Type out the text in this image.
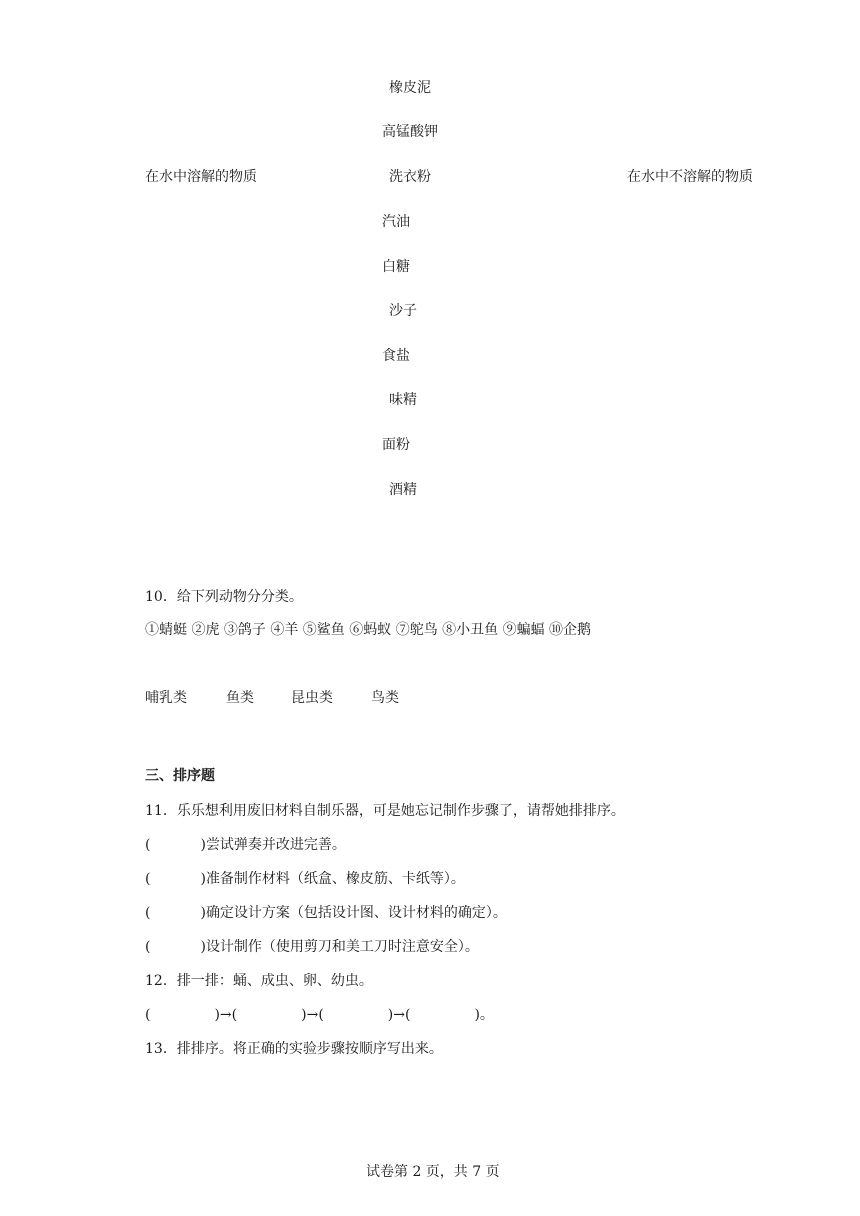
橡皮泥
高锰酸钾
在水中溶解的物质	洗衣粉	在水中不溶解的物质
汽油
白糖
沙子
食盐
味精
面粉
酒精
10．给下列动物分分类。
①蜻蜓 ②虎 ③鸽子 ④羊 ⑤鲨鱼 ⑥蚂蚁 ⑦鸵鸟 ⑧小丑鱼 ⑨蝙蝠 ⑩企鹅
哺乳类	鱼类	昆虫类	鸟类
三、排序题
11．乐乐想利用废旧材料自制乐器，可是她忘记制作步骤了，请帮她排排序。
(	)尝试弹奏并改进完善。
(	)准备制作材料（纸盒、橡皮筋、卡纸等）。
(	)确定设计方案（包括设计图、设计材料的确定）。
(	)设计制作（使用剪刀和美工刀时注意安全）。
12．排一排：蛹、成虫、卵、幼虫。
(	)→(	)→(	)→(	)。
13．排排序。将正确的实验步骤按顺序写出来。
试卷第 2 页，共 7 页
